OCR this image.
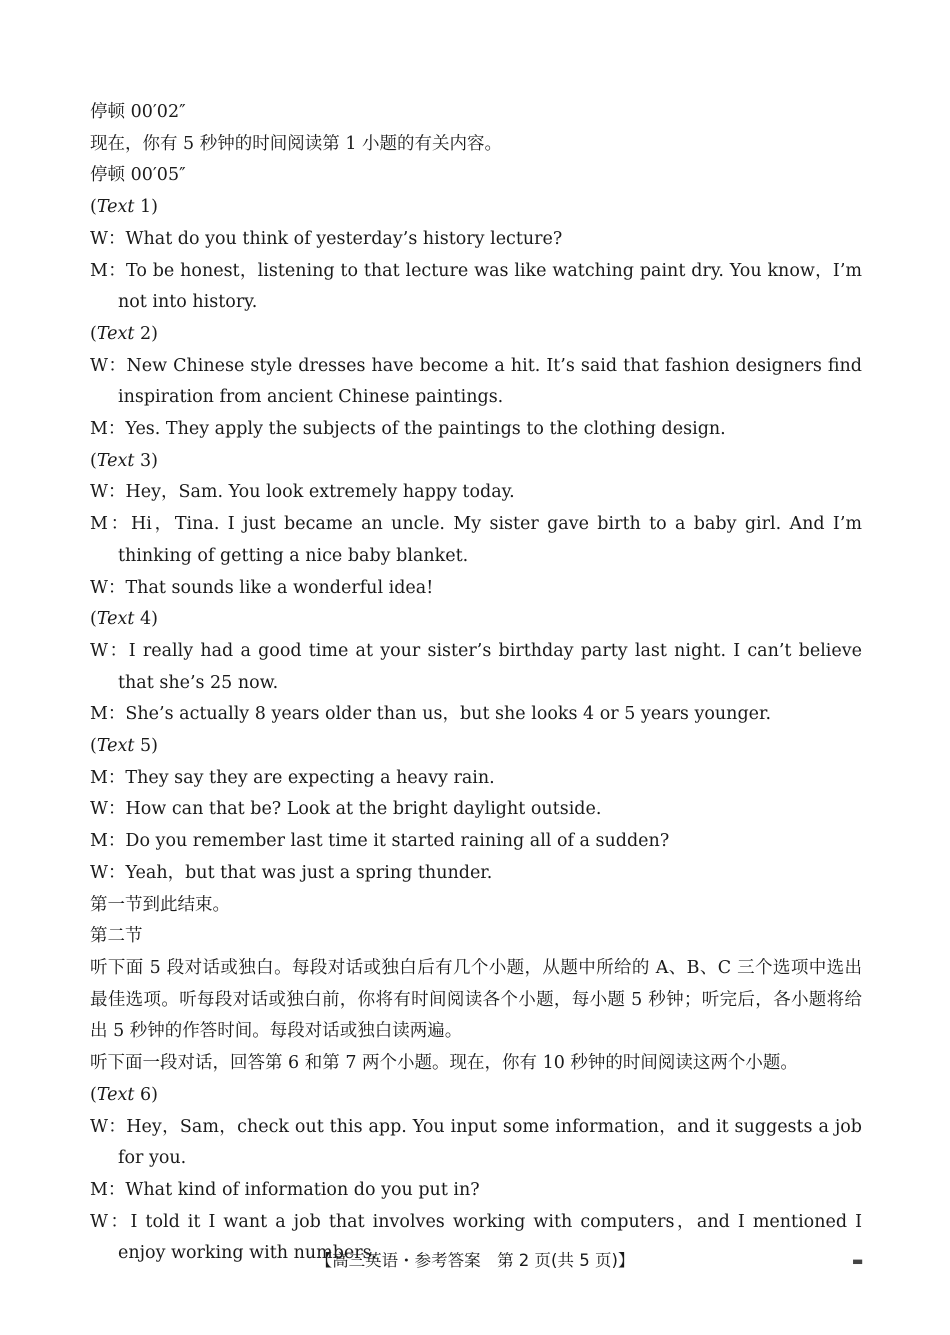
停顿 00′02″

现在，你有 5 秒钟的时间阅读第 1 小题的有关内容。

停顿 00′05″

(Text 1)

W：What do you think of yesterday’s history lecture?

M：To be honest，listening to that lecture was like watching paint dry. You know，I’m not into history.

(Text 2)

W：New Chinese style dresses have become a hit. It’s said that fashion designers find inspiration from ancient Chinese paintings.

M：Yes. They apply the subjects of the paintings to the clothing design.

(Text 3)

W：Hey，Sam. You look extremely happy today.

M：Hi，Tina. I just became an uncle. My sister gave birth to a baby girl. And I’m thinking of getting a nice baby blanket.

W：That sounds like a wonderful idea!

(Text 4)

W：I really had a good time at your sister’s birthday party last night. I can’t believe that she’s 25 now.

M：She’s actually 8 years older than us，but she looks 4 or 5 years younger.

(Text 5)

M：They say they are expecting a heavy rain.

W：How can that be? Look at the bright daylight outside.

M：Do you remember last time it started raining all of a sudden?

W：Yeah，but that was just a spring thunder.

第一节到此结束。

第二节

听下面 5 段对话或独白。每段对话或独白后有几个小题，从题中所给的 A、B、C 三个选项中选出最佳选项。听每段对话或独白前，你将有时间阅读各个小题，每小题 5 秒钟；听完后，各小题将给出 5 秒钟的作答时间。每段对话或独白读两遍。

听下面一段对话，回答第 6 和第 7 两个小题。现在，你有 10 秒钟的时间阅读这两个小题。

(Text 6)

W：Hey，Sam，check out this app. You input some information，and it suggests a job for you.

M：What kind of information do you put in?

W：I told it I want a job that involves working with computers，and I mentioned I enjoy working with numbers.

【高三英语・参考答案　第 2 页(共 5 页)】	▬
